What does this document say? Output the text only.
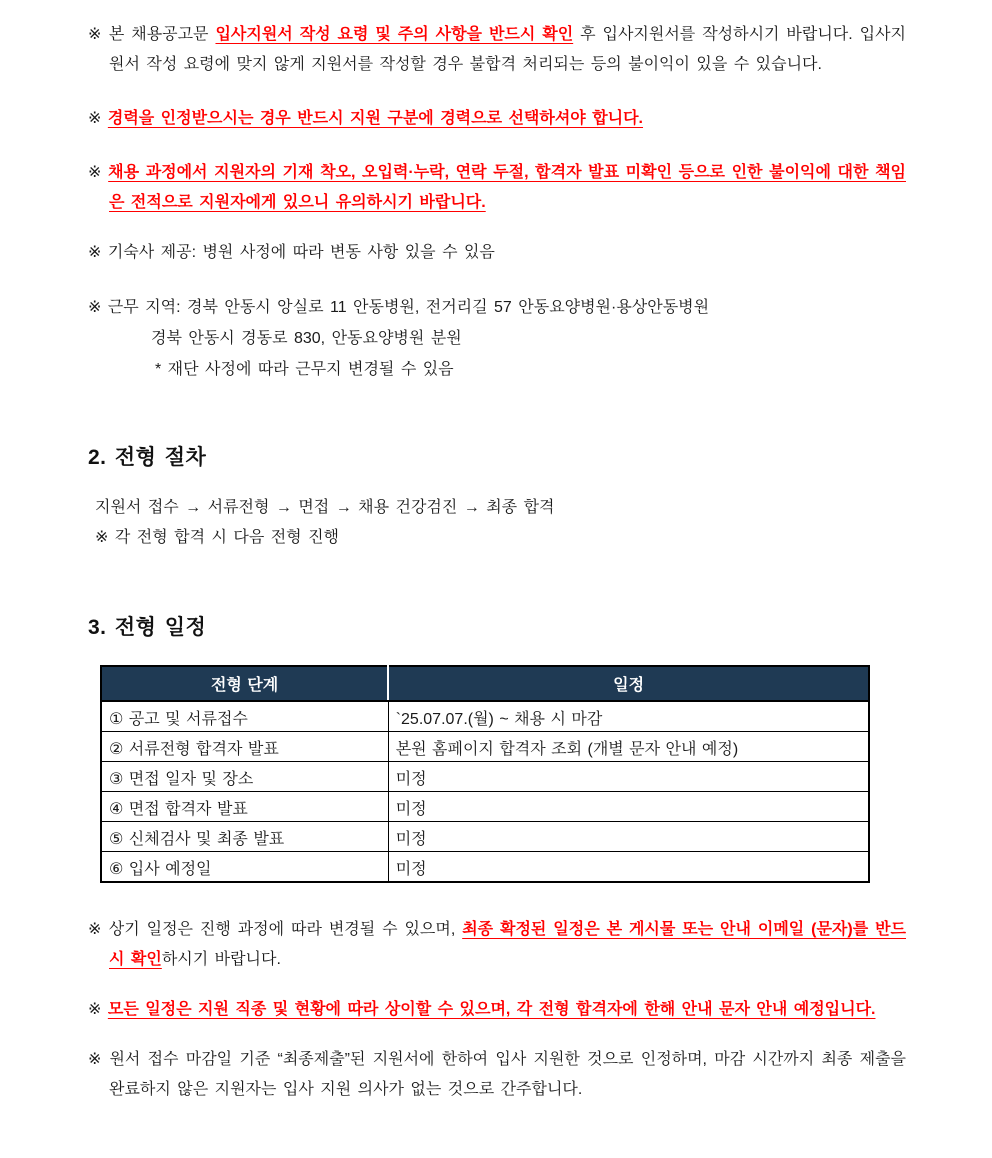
※ 본 채용공고문 입사지원서 작성 요령 및 주의 사항을 반드시 확인 후 입사지원서를 작성하시기 바랍니다. 입사지원서 작성 요령에 맞지 않게 지원서를 작성할 경우 불합격 처리되는 등의 불이익이 있을 수 있습니다.

※ 경력을 인정받으시는 경우 반드시 지원 구분에 경력으로 선택하셔야 합니다.

※ 채용 과정에서 지원자의 기재 착오, 오입력·누락, 연락 두절, 합격자 발표 미확인 등으로 인한 불이익에 대한 책임은 전적으로 지원자에게 있으니 유의하시기 바랍니다.

※ 기숙사 제공: 병원 사정에 따라 변동 사항 있을 수 있음

※ 근무 지역: 경북 안동시 앙실로 11 안동병원, 전거리길 57 안동요양병원·용상안동병원
경북 안동시 경동로 830, 안동요양병원 분원
* 재단 사정에 따라 근무지 변경될 수 있음
2. 전형 절차
지원서 접수 → 서류전형 → 면접 → 채용 건강검진 → 최종 합격
※ 각 전형 합격 시 다음 전형 진행
3. 전형 일정
전형 단계	일정
① 공고 및 서류접수	`25.07.07.(월) ~ 채용 시 마감
② 서류전형 합격자 발표	본원 홈페이지 합격자 조회 (개별 문자 안내 예정)
③ 면접 일자 및 장소	미정
④ 면접 합격자 발표	미정
⑤ 신체검사 및 최종 발표	미정
⑥ 입사 예정일	미정

※ 상기 일정은 진행 과정에 따라 변경될 수 있으며, 최종 확정된 일정은 본 게시물 또는 안내 이메일 (문자)를 반드시 확인하시기 바랍니다.

※ 모든 일정은 지원 직종 및 현황에 따라 상이할 수 있으며, 각 전형 합격자에 한해 안내 문자 안내 예정입니다.

※ 원서 접수 마감일 기준 “최종제출”된 지원서에 한하여 입사 지원한 것으로 인정하며, 마감 시간까지 최종 제출을 완료하지 않은 지원자는 입사 지원 의사가 없는 것으로 간주합니다.
